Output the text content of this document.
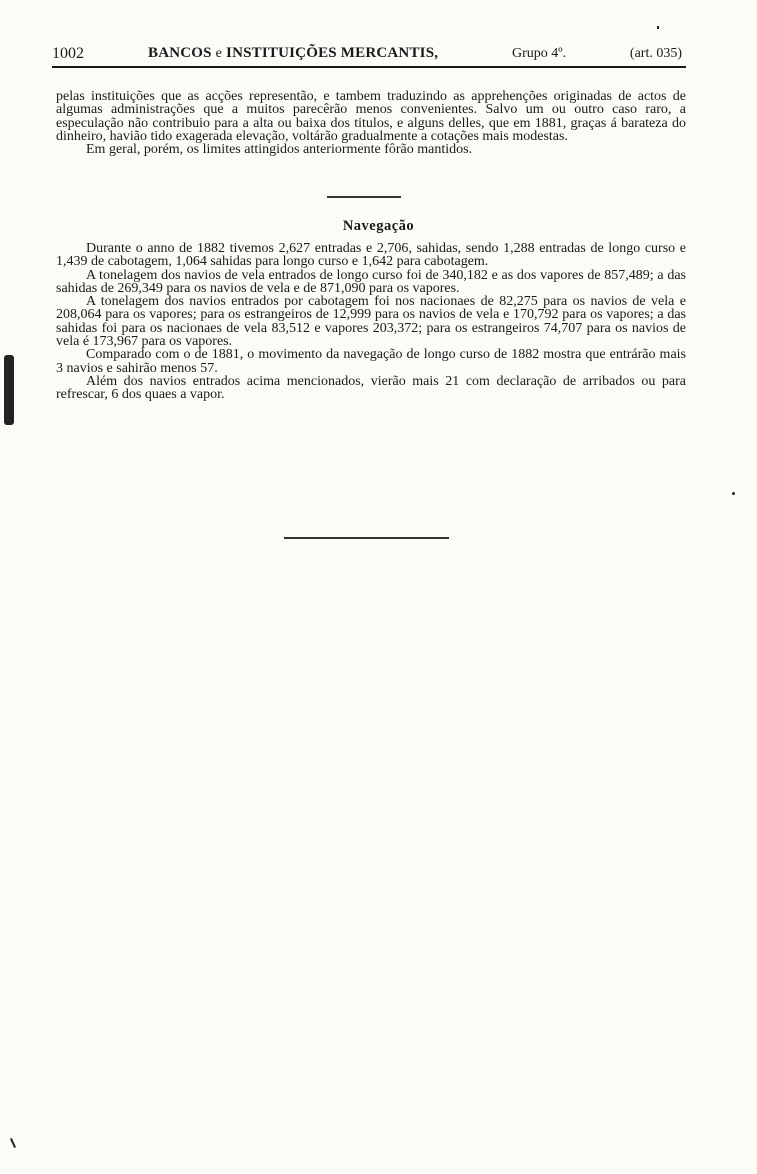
1002	BANCOS e INSTITUIÇÕES MERCANTIS,	Grupo 4º.	(art. 035)

pelas instituições que as acções representão, e tambem traduzindo as apprehenções originadas de actos de algumas administrações que a muitos parecêrão menos convenientes. Salvo um ou outro caso raro, a especulação não contribuio para a alta ou baixa dos titulos, e alguns delles, que em 1881, graças á barateza do dinheiro, havião tido exagerada elevação, voltárão gradualmente a cotações mais modestas.

Em geral, porém, os limites attingidos anteriormente fôrão mantidos.

Navegação

Durante o anno de 1882 tivemos 2,627 entradas e 2,706, sahidas, sendo 1,288 entradas de longo curso e 1,439 de cabotagem, 1,064 sahidas para longo curso e 1,642 para cabotagem.

A tonelagem dos navios de vela entrados de longo curso foi de 340,182 e as dos vapores de 857,489; a das sahidas de 269,349 para os navios de vela e de 871,090 para os vapores.

A tonelagem dos navios entrados por cabotagem foi nos nacionaes de 82,275 para os navios de vela e 208,064 para os vapores; para os estrangeiros de 12,999 para os navios de vela e 170,792 para os vapores; a das sahidas foi para os nacionaes de vela 83,512 e vapores 203,372; para os estrangeiros 74,707 para os navios de vela é 173,967 para os vapores.

Comparado com o de 1881, o movimento da navegação de longo curso de 1882 mostra que entrárão mais 3 navios e sahirão menos 57.

Além dos navios entrados acima mencionados, vierão mais 21 com declaração de arribados ou para refrescar, 6 dos quaes a vapor.
